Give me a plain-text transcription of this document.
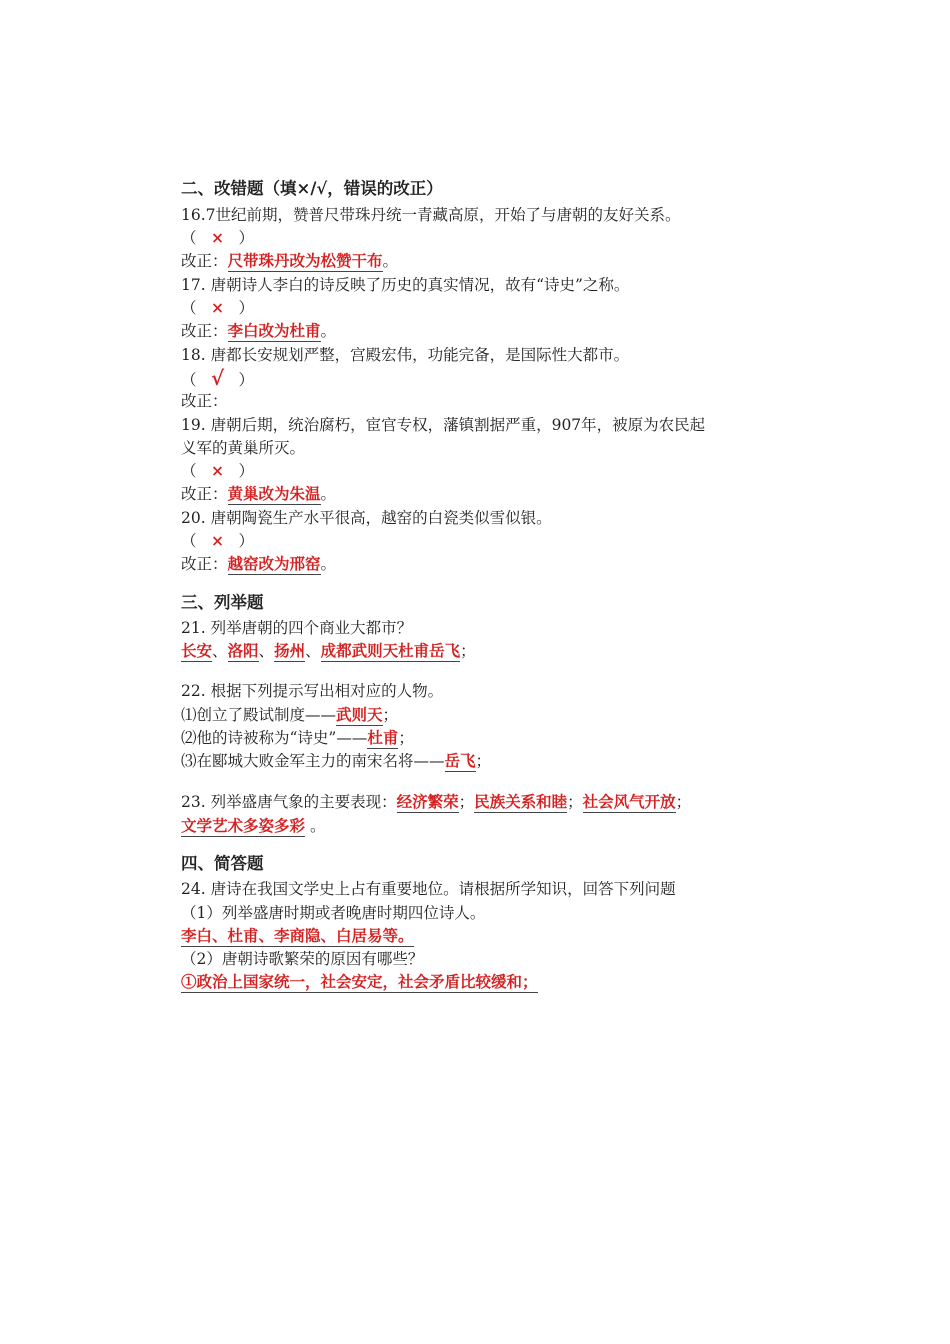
二、改错题（填×/√，错误的改正）
16.7世纪前期，赞普尺带珠丹统一青藏高原，开始了与唐朝的友好关系。
（ × ）
改正：尺带珠丹改为松赞干布。
17. 唐朝诗人李白的诗反映了历史的真实情况，故有“诗史”之称。
（ × ）
改正：李白改为杜甫。
18. 唐都长安规划严整，宫殿宏伟，功能完备，是国际性大都市。
（ √ ）
改正：
19. 唐朝后期，统治腐朽，宦官专权，藩镇割据严重，907年，被原为农民起
义军的黄巢所灭。
（ × ）
改正：黄巢改为朱温。
20. 唐朝陶瓷生产水平很高，越窑的白瓷类似雪似银。
（ × ）
改正：越窑改为邢窑。
三、列举题
21. 列举唐朝的四个商业大都市？
长安、洛阳、扬州、成都武则天杜甫岳飞；
22. 根据下列提示写出相对应的人物。
⑴创立了殿试制度——武则天；
⑵他的诗被称为“诗史”——杜甫；
⑶在郾城大败金军主力的南宋名将——岳飞；
23. 列举盛唐气象的主要表现：经济繁荣；民族关系和睦；社会风气开放；
文学艺术多姿多彩 。
四、简答题
24. 唐诗在我国文学史上占有重要地位。请根据所学知识，回答下列问题
（1）列举盛唐时期或者晚唐时期四位诗人。
李白、杜甫、李商隐、白居易等。
（2）唐朝诗歌繁荣的原因有哪些？
①政治上国家统一，社会安定，社会矛盾比较缓和；
